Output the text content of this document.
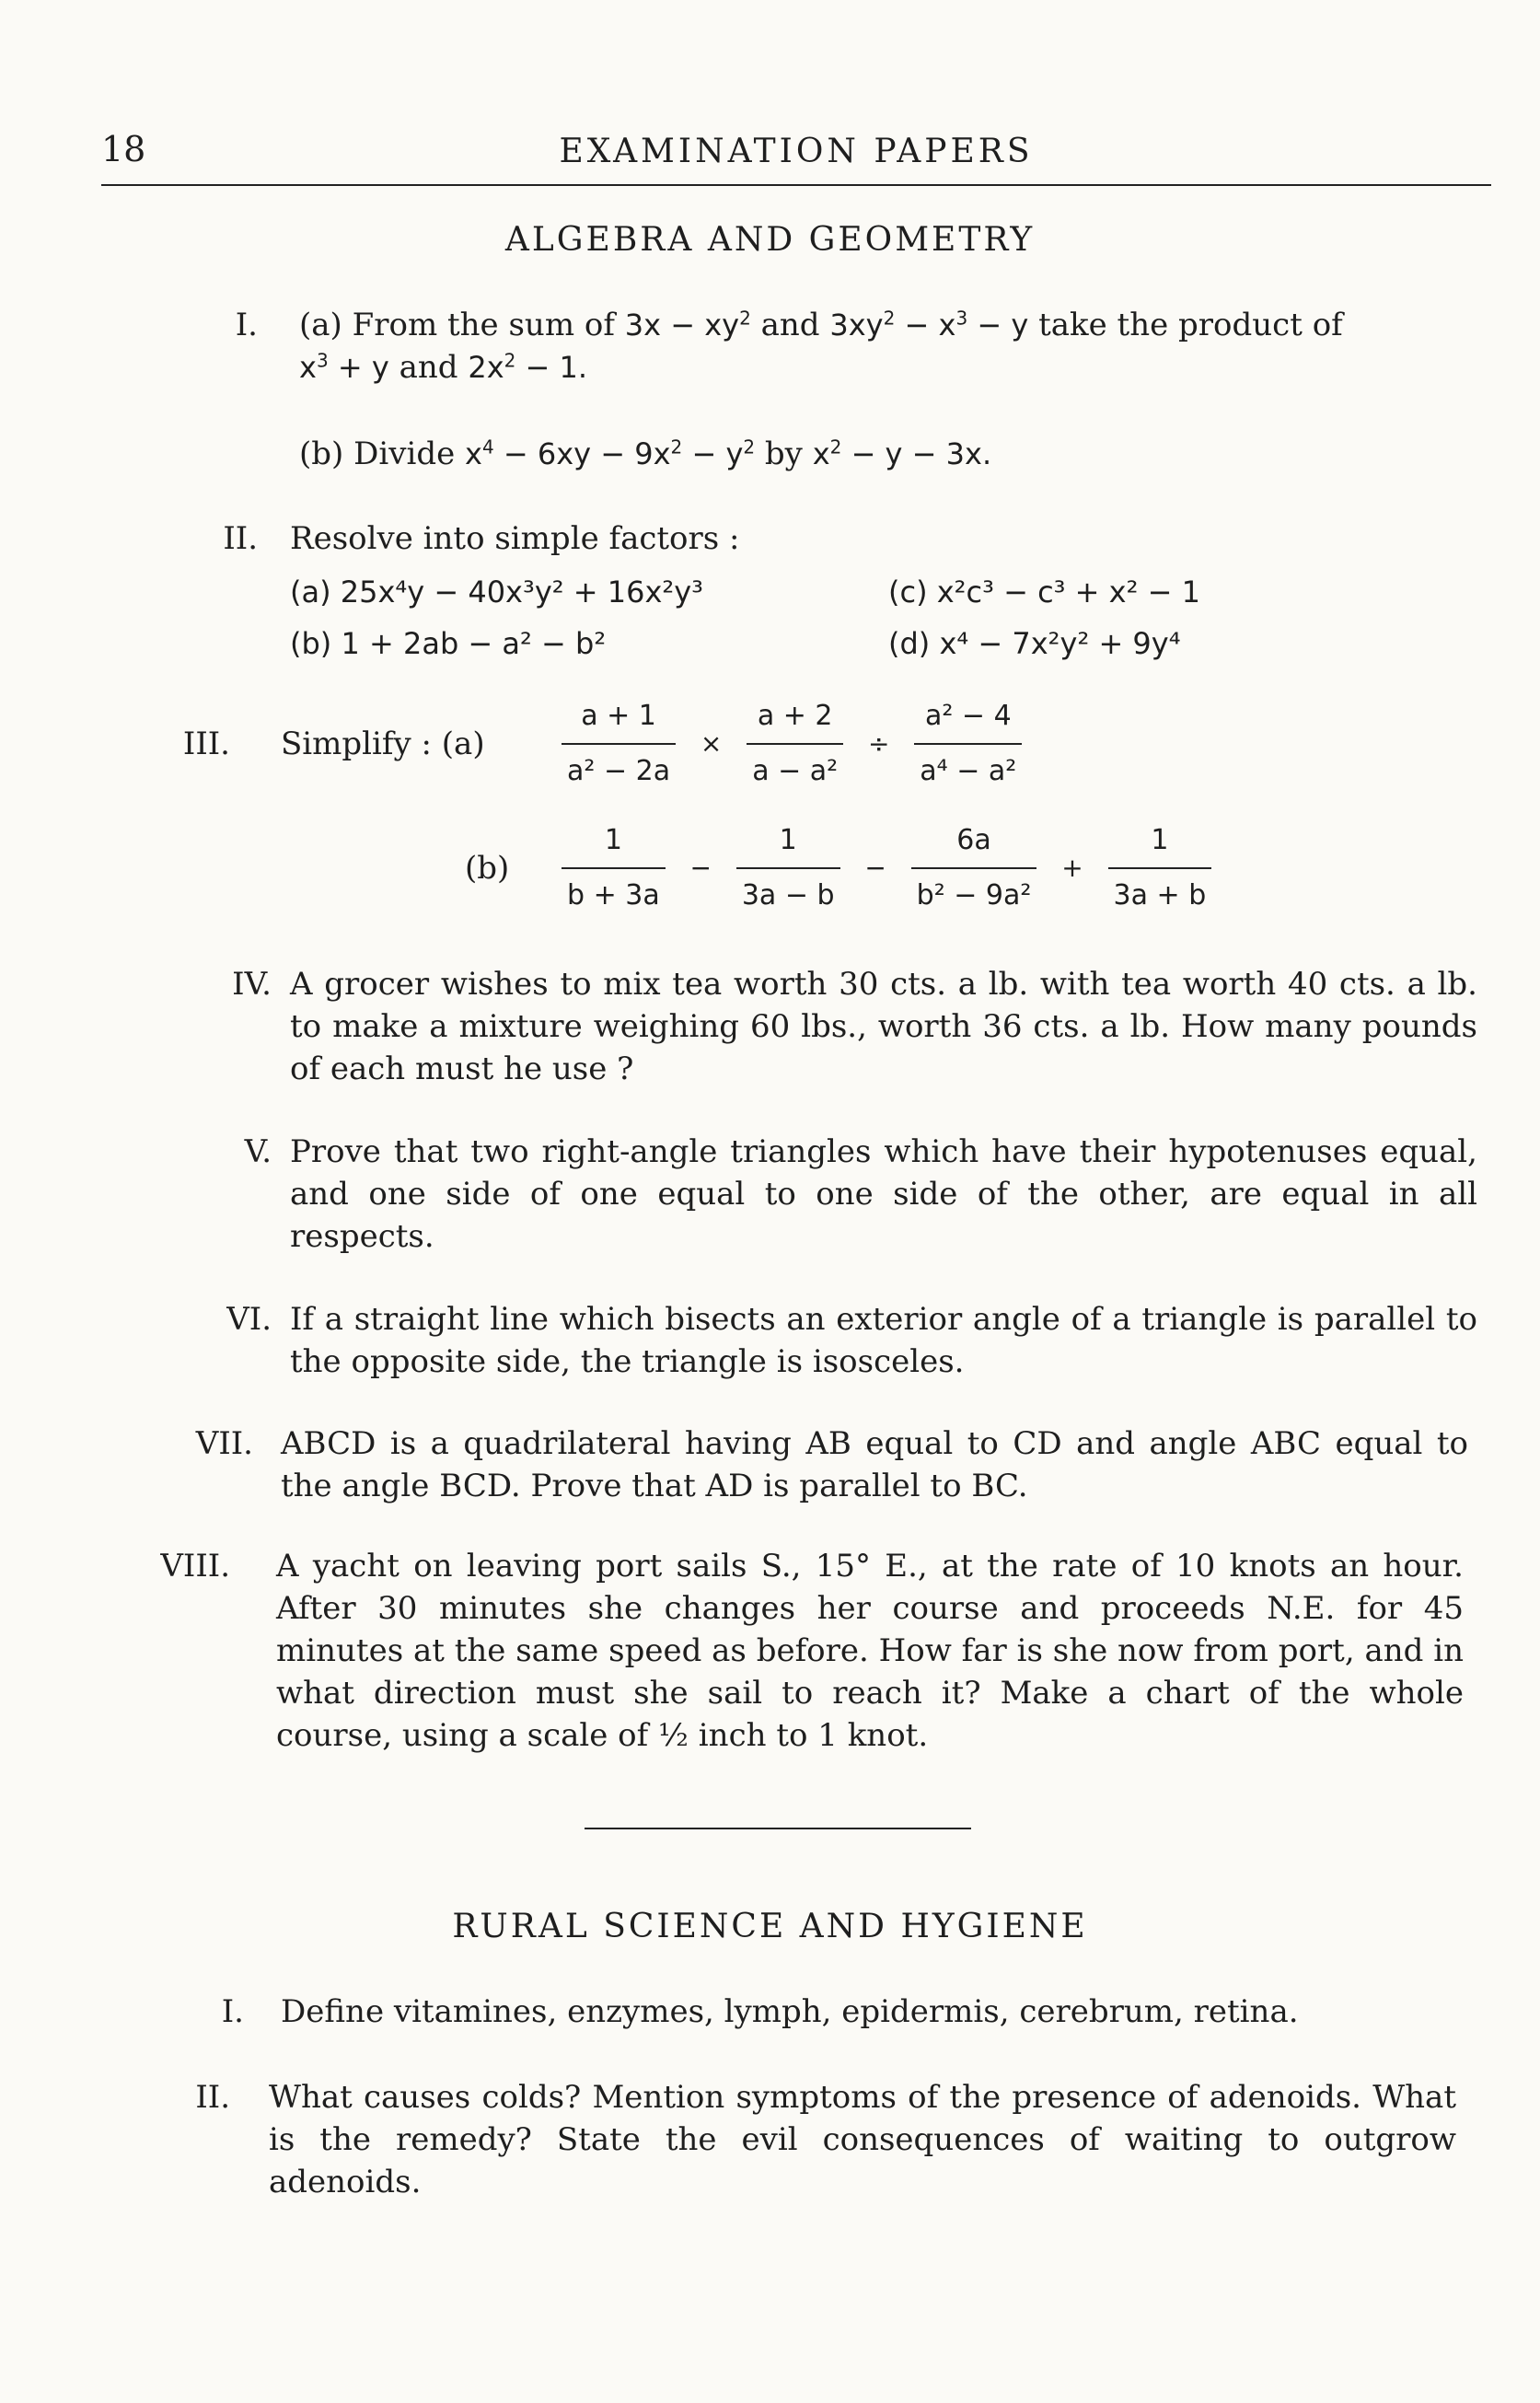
18	EXAMINATION PAPERS
ALGEBRA AND GEOMETRY
I. (a) From the sum of $3x - xy^2$ and $3xy^2 - x^3 - y$ take the product of
$x^3 + y$ and $2x^2 - 1$.
(b) Divide $x^4 - 6xy - 9x^2 - y^2$ by $x^2 - y - 3x$.
II. Resolve into simple factors :
(a) 25x⁴y − 40x³y² + 16x²y³
(b) 1 + 2ab − a² − b²
(c) x²c³ − c³ + x² − 1
(d) x⁴ − 7x²y² + 9y⁴
III. Simplify : (a)	$\frac{a + 1}{\text{a² − 2a}} \times \frac{a + 2}{\text{a − a²}} \div \frac{\text{a² − 4}}{\text{a⁴ − a²}}$
$(b) \frac{1}{b + 3a} - \frac{1}{3a - b} - \frac{6a}{\text{b² − 9a²}} + \frac{1}{3a + b}$
IV. A grocer wishes to mix tea worth 30 cts. a lb. with tea worth 40 cts. a lb. to make a mixture weighing 60 lbs., worth 36 cts. a lb. How many pounds of each must he use ?
V. Prove that two right-angle triangles which have their hypotenuses equal, and one side of one equal to one side of the other, are equal in all respects.
VI. If a straight line which bisects an exterior angle of a triangle is parallel to the opposite side, the triangle is isosceles.
VII. ABCD is a quadrilateral having AB equal to CD and angle ABC equal to the angle BCD. Prove that AD is parallel to BC.
VIII. A yacht on leaving port sails S., 15° E., at the rate of 10 knots an hour. After 30 minutes she changes her course and proceeds N.E. for 45 minutes at the same speed as before. How far is she now from port, and in what direction must she sail to reach it? Make a chart of the whole course, using a scale of ½ inch to 1 knot.
RURAL SCIENCE AND HYGIENE
I. Define vitamines, enzymes, lymph, epidermis, cerebrum, retina.
II. What causes colds? Mention symptoms of the presence of adenoids. What is the remedy? State the evil consequences of waiting to outgrow adenoids.
